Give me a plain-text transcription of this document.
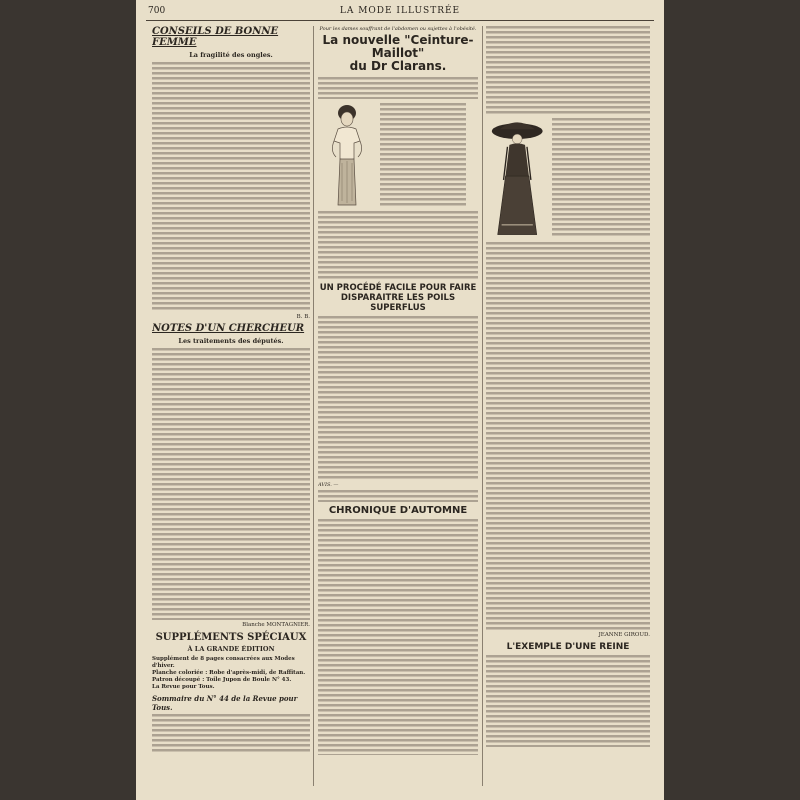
700	LA MODE ILLUSTRÉE
CONSEILS DE BONNE FEMME
La fragilité des ongles.
B. B.
NOTES D'UN CHERCHEUR
Les traitements des députés.
Blanche MONTAGNIER.
SUPPLÉMENTS SPÉCIAUX
À LA GRANDE ÉDITION
Supplément de 8 pages consacrées aux Modes d'hiver.
Planche coloriée : Robe d'après-midi, de Raffitan.
Patron découpé : Toile Jupon de Boule N° 43.
La Revue pour Tous.
Sommaire du N° 44 de la Revue pour Tous.
Pour les dames souffrant de l'abdomen ou sujettes à l'obésité.
La nouvelle "Ceinture-Maillot"
du Dr Clarans.
UN PROCÉDÉ FACILE POUR FAIRE DISPARAITRE LES POILS SUPERFLUS
AVIS. —
CHRONIQUE D'AUTOMNE
JEANNE GIROUD.
L'EXEMPLE D'UNE REINE
